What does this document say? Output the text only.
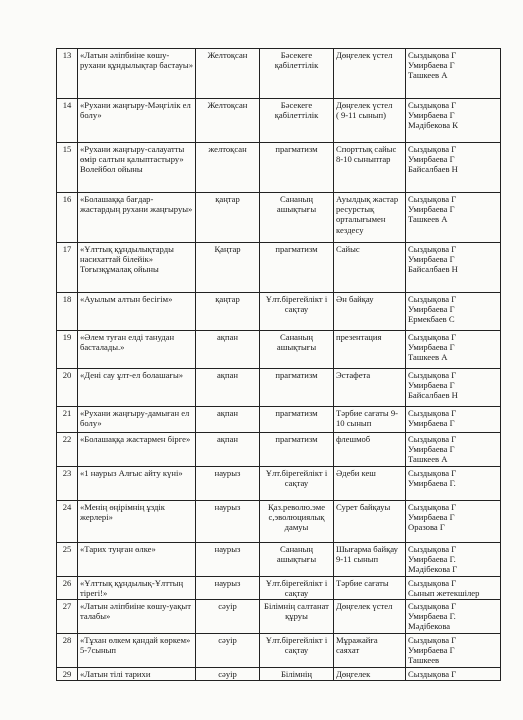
13	«Латын әліпбиіне көшу-рухани құндылықтар бастауы»	Желтоқсан	Бәсекеге қабілеттілік	Дөңгелек үстел	Сыздықова Г
Умирбаева Г
Ташкеев А
14	«Рухани жаңғыру-Мәңгілік ел болу»	Желтоқсан	Бәсекеге қабілеттілік	Дөңгелек үстел
( 9-11 сынып)	Сыздықова Г
Умирбаева Г
Мәдібекова К
15	«Рухани жаңғыру-салауатты өмір салтын қалыптастыру»
Волейбол ойыны	желтоқсан	прагматизм	Спорттық сайыс
8-10 сыныптар	Сыздықова Г
Умирбаева Г
Байсалбаев Н
16	«Болашаққа бағдар-жастардың рухани жаңғыруы»	қаңтар	Сананың ашықтығы	Ауылдық жастар ресурстық орталығымен кездесу	Сыздықова Г
Умирбаева Г
Ташкеев А
17	«Ұлттық құндылықтарды насихаттай білейік»
Тоғызқұмалақ ойыны	Қаңтар	прагматизм	Сайыс	Сыздықова Г
Умирбаева Г
Байсалбаев Н
18	«Ауылым алтын бесігім»	қаңтар	Ұлт.бірегейлікт і сақтау	Ән байқау	Сыздықова Г
Умирбаева Г
Ермекбаев С
19	«Әлем туған елді танудан басталады.»	ақпан	Сананың ашықтығы	презентация	Сыздықова Г
Умирбаева Г
Ташкеев А
20	«Дені сау ұлт-ел болашағы»	ақпан	прагматизм	Эстафета	Сыздықова Г
Умирбаева Г
Байсалбаев Н
21	«Рухани жаңғыру-дамыған ел болу»	ақпан	прагматизм	Тәрбие сағаты 9-10 сынып	Сыздықова Г
Умирбаева Г
22	«Болашаққа жастармен бірге»	ақпан	прагматизм	флешмоб	Сыздықова Г
Умирбаева Г
Ташкеев А
23	«1 наурыз Алғыс айту күні»	наурыз	Ұлт.бірегейлікт і сақтау	Әдеби кеш	Сыздықова Г
Умирбаева Г.
24	«Менің өңірімнің ұздік жерлері»	наурыз	Қаз.револю.эме с,эволюциялық дамуы	Сурет байқауы	Сыздықова Г
Умирбаева Г
Оразова Г
25	«Тарих туңған өлке»	наурыз	Сананың ашықтығы	Шығарма байқау
9-11 сынып	Сыздықова Г
Умирбаева Г.
Мәдібекова Г
26	«Ұлттық құндылық-Ұлттың тірегі!»	наурыз	Ұлт.бірегейлікт і сақтау	Тәрбие сағаты	Сыздықова Г
Сынып жетекшілер
27	«Латын әліпбиіне көшу-уақыт талабы»	сәуір	Білімнің салтанат құруы	Дөңгелек үстел	Сыздықова Г
Умирбаева Г.
Мәдібекова
28	«Тұхан өлкем қандай көркем» 5-7сынып	сәуір	Ұлт.бірегейлікт і сақтау	Мұражайға саяхат	Сыздықова Г
Умирбаева Г
Ташкеев
29	«Латын тілі тарихи	сәуір	Білімнің	Дөңгелек	Сыздықова Г
